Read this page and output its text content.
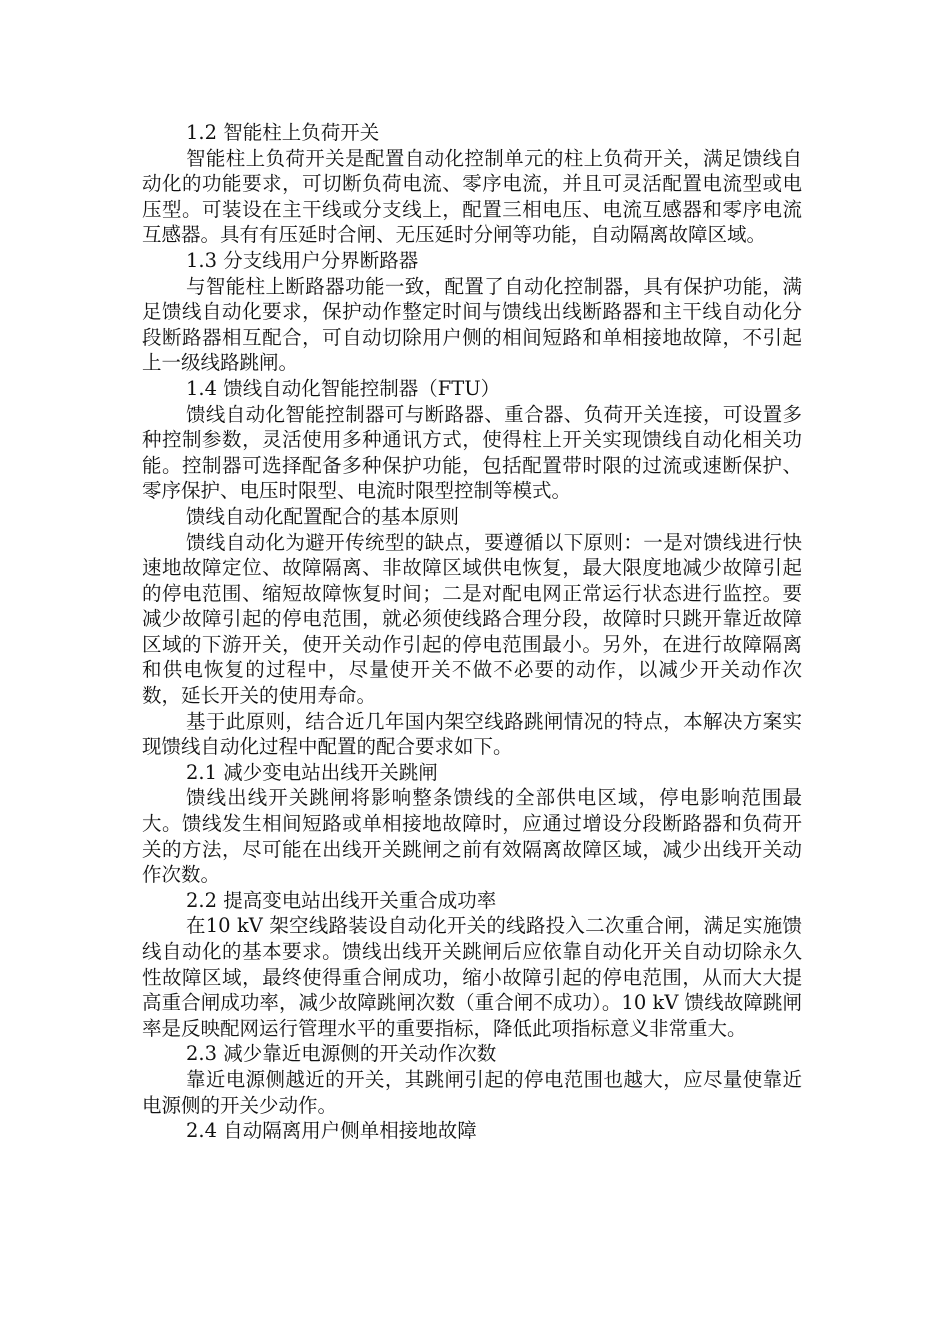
1.2 智能柱上负荷开关

智能柱上负荷开关是配置自动化控制单元的柱上负荷开关，满足馈线自动化的功能要求，可切断负荷电流、零序电流，并且可灵活配置电流型或电压型。可装设在主干线或分支线上，配置三相电压、电流互感器和零序电流互感器。具有有压延时合闸、无压延时分闸等功能，自动隔离故障区域。

1.3 分支线用户分界断路器

与智能柱上断路器功能一致，配置了自动化控制器，具有保护功能，满足馈线自动化要求，保护动作整定时间与馈线出线断路器和主干线自动化分段断路器相互配合，可自动切除用户侧的相间短路和单相接地故障，不引起上一级线路跳闸。

1.4 馈线自动化智能控制器（FTU）

馈线自动化智能控制器可与断路器、重合器、负荷开关连接，可设置多种控制参数，灵活使用多种通讯方式，使得柱上开关实现馈线自动化相关功能。控制器可选择配备多种保护功能，包括配置带时限的过流或速断保护、零序保护、电压时限型、电流时限型控制等模式。

馈线自动化配置配合的基本原则

馈线自动化为避开传统型的缺点，要遵循以下原则：一是对馈线进行快速地故障定位、故障隔离、非故障区域供电恢复，最大限度地减少故障引起的停电范围、缩短故障恢复时间；二是对配电网正常运行状态进行监控。要减少故障引起的停电范围，就必须使线路合理分段，故障时只跳开靠近故障区域的下游开关，使开关动作引起的停电范围最小。另外，在进行故障隔离和供电恢复的过程中，尽量使开关不做不必要的动作，以减少开关动作次数，延长开关的使用寿命。

基于此原则，结合近几年国内架空线路跳闸情况的特点，本解决方案实现馈线自动化过程中配置的配合要求如下。

2.1 减少变电站出线开关跳闸

馈线出线开关跳闸将影响整条馈线的全部供电区域，停电影响范围最大。馈线发生相间短路或单相接地故障时，应通过增设分段断路器和负荷开关的方法，尽可能在出线开关跳闸之前有效隔离故障区域，减少出线开关动作次数。

2.2 提高变电站出线开关重合成功率

在10 kV 架空线路装设自动化开关的线路投入二次重合闸，满足实施馈线自动化的基本要求。馈线出线开关跳闸后应依靠自动化开关自动切除永久性故障区域，最终使得重合闸成功，缩小故障引起的停电范围，从而大大提高重合闸成功率，减少故障跳闸次数（重合闸不成功）。10 kV 馈线故障跳闸率是反映配网运行管理水平的重要指标，降低此项指标意义非常重大。

2.3 减少靠近电源侧的开关动作次数

靠近电源侧越近的开关，其跳闸引起的停电范围也越大，应尽量使靠近电源侧的开关少动作。

2.4 自动隔离用户侧单相接地故障
